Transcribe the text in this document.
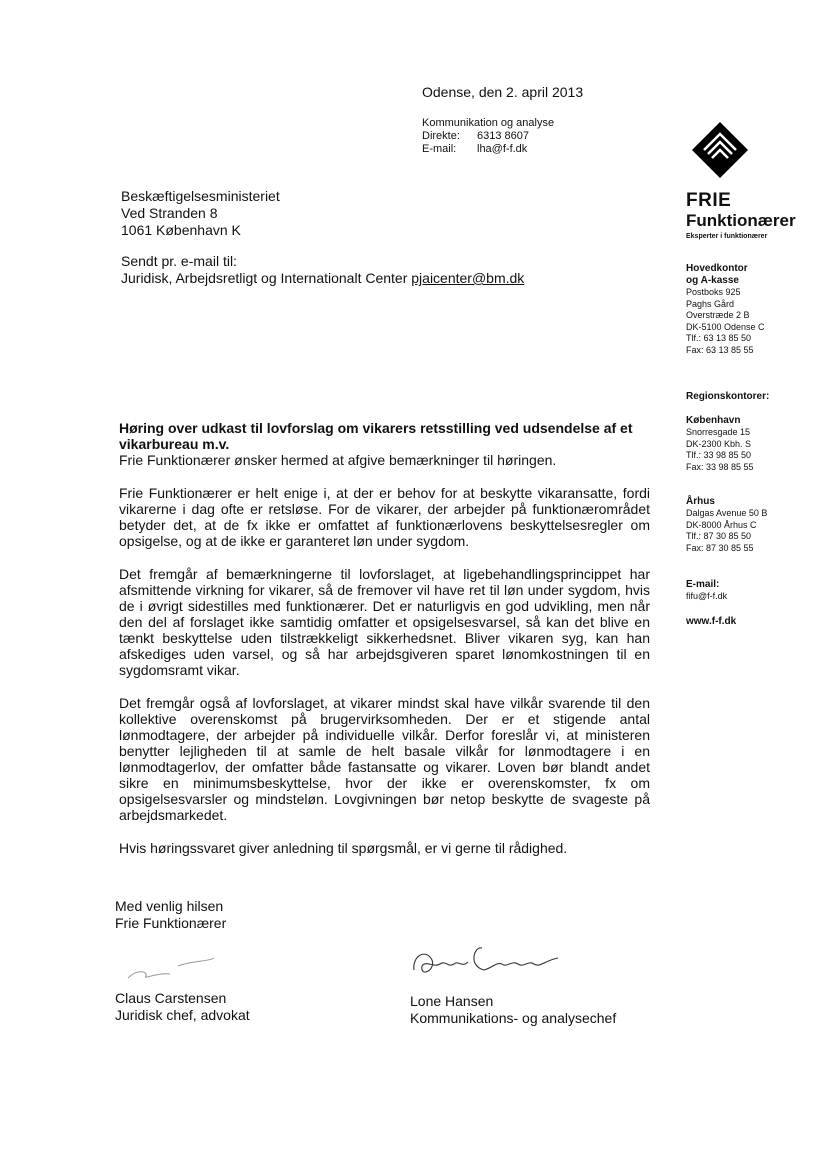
Odense, den 2. april 2013
Kommunikation og analyse
Direkte:	6313 8607
E-mail:	lha@f-f.dk
Beskæftigelsesministeriet
Ved Stranden 8
1061 København K
Sendt pr. e-mail til:
Juridisk, Arbejdsretligt og Internationalt Center pjaicenter@bm.dk
Høring over udkast til lovforslag om vikarers retsstilling ved udsendelse af et vikarbureau m.v.

Frie Funktionærer ønsker hermed at afgive bemærkninger til høringen.

Frie Funktionærer er helt enige i, at der er behov for at beskytte vikaransatte, fordi vikarerne i dag ofte er retsløse. For de vikarer, der arbejder på funktionærområdet betyder det, at de fx ikke er omfattet af funktionærlovens beskyttelsesregler om opsigelse, og at de ikke er garanteret løn under sygdom.

Det fremgår af bemærkningerne til lovforslaget, at ligebehandlingsprincippet har afsmittende virkning for vikarer, så de fremover vil have ret til løn under sygdom, hvis de i øvrigt sidestilles med funktionærer. Det er naturligvis en god udvikling, men når den del af forslaget ikke samtidig omfatter et opsigelsesvarsel, så kan det blive en tænkt beskyttelse uden tilstrækkeligt sikkerhedsnet. Bliver vikaren syg, kan han afskediges uden varsel, og så har arbejdsgiveren sparet lønomkostningen til en sygdomsramt vikar.

Det fremgår også af lovforslaget, at vikarer mindst skal have vilkår svarende til den kollektive overenskomst på brugervirksomheden. Der er et stigende antal lønmodtagere, der arbejder på individuelle vilkår. Derfor foreslår vi, at ministeren benytter lejligheden til at samle de helt basale vilkår for lønmodtagere i en lønmodtagerlov, der omfatter både fastansatte og vikarer. Loven bør blandt andet sikre en minimumsbeskyttelse, hvor der ikke er overenskomster, fx om opsigelsesvarsler og mindsteløn. Lovgivningen bør netop beskytte de svageste på arbejdsmarkedet.

Hvis høringssvaret giver anledning til spørgsmål, er vi gerne til rådighed.

Med venlig hilsen
Frie Funktionærer
Claus Carstensen
Juridisk chef, advokat
Lone Hansen
Kommunikations- og analysechef
FRIE
Funktionærer
Eksperter i funktionærer
Hovedkontor
og A-kasse
Postboks 925
Paghs Gård
Overstræde 2 B
DK-5100 Odense C
Tlf.: 63 13 85 50
Fax: 63 13 85 55
Regionskontorer:
København
Snorresgade 15
DK-2300 Kbh. S
Tlf.: 33 98 85 50
Fax: 33 98 85 55
Århus
Dalgas Avenue 50 B
DK-8000 Århus C
Tlf.: 87 30 85 50
Fax: 87 30 85 55
E-mail:
fifu@f-f.dk
www.f-f.dk
